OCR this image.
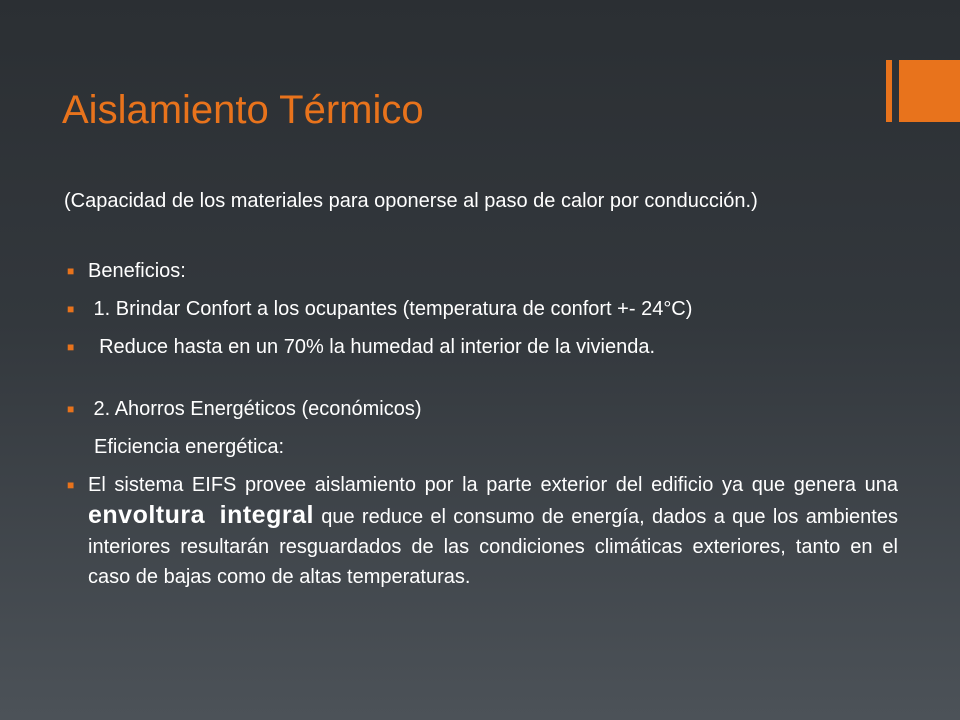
Aislamiento Térmico

(Capacidad de los materiales para oponerse al paso de calor por conducción.)

■ Beneficios:
■ 1. Brindar Confort a los ocupantes (temperatura de confort +- 24°C)
■ Reduce hasta en un 70% la humedad al interior de la vivienda.
■ 2. Ahorros Energéticos (económicos)
Eficiencia energética:
■ El sistema EIFS provee aislamiento por la parte exterior del edificio ya que genera una envoltura integral que reduce el consumo de energía, dados a que los ambientes interiores resultarán resguardados de las condiciones climáticas exteriores, tanto en el caso de bajas como de altas temperaturas.
